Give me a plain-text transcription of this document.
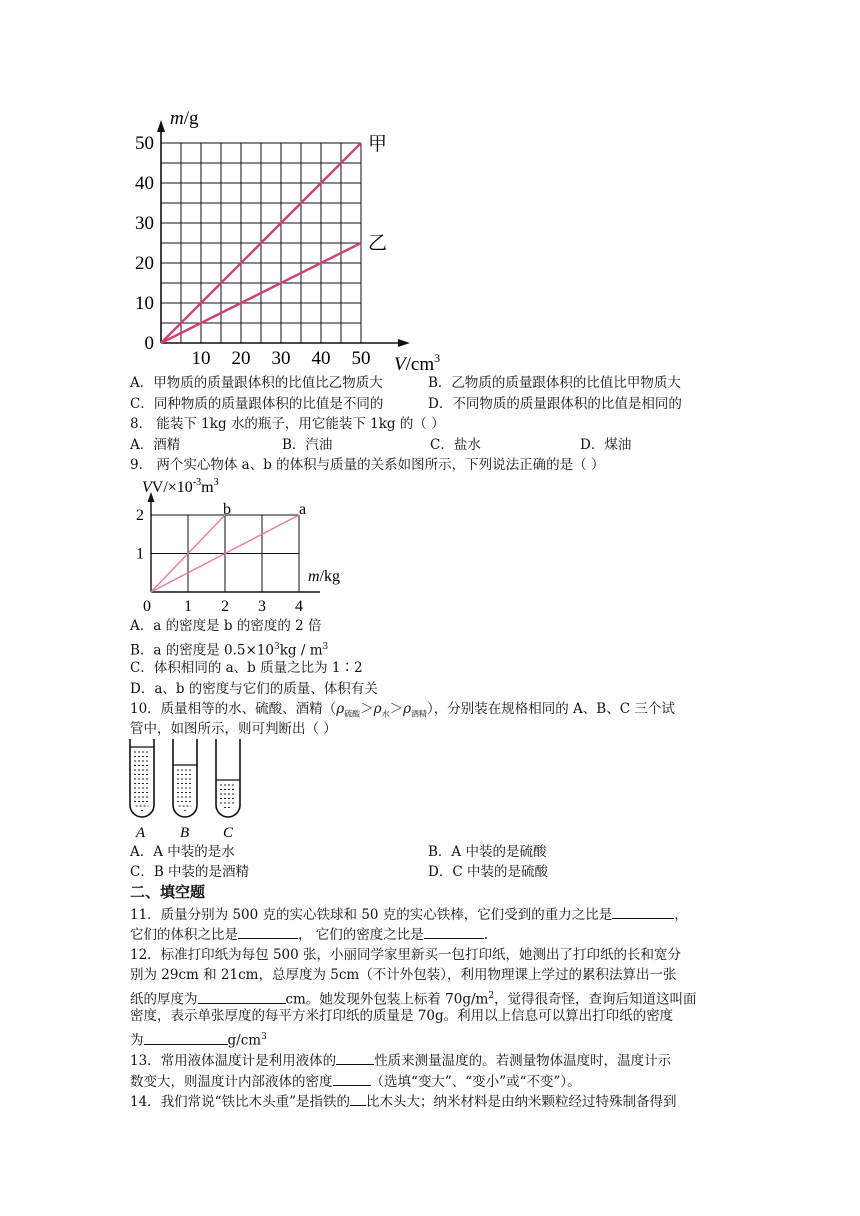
m/g
$V/cm^3$
50
40
30
20
10
0
10 20 30 40 50
甲
乙
A．甲物质的质量跟体积的比值比乙物质大	B．乙物质的质量跟体积的比值比甲物质大
C．同种物质的质量跟体积的比值是不同的	D．不同物质的质量跟体积的比值是相同的
8． 能装下 1kg 水的瓶子，用它能装下 1kg 的（ ）
A．酒精	B．汽油	C．盐水	D．煤油
9． 两个实心物体 a、b 的体积与质量的关系如图所示，下列说法正确的是（ ）
$VV/\times 10^{-3}m^3$
2
1
0 1 2 3 4
b	a
m/kg
A．a 的密度是 b 的密度的 2 倍
B．a 的密度是 $0.5\times 10^3kg / m^3$
C．体积相同的 a、b 质量之比为 1∶2
D．a、b 的密度与它们的质量、体积有关
10．质量相等的水、硫酸、酒精$(\rho_{硫酸}>\rho_水>\rho_{酒精})$，分别装在规格相同的 A、B、C 三个试
管中，如图所示，则可判断出（ ）
A B C
A．A 中装的是水	B．A 中装的是硫酸
C．B 中装的是酒精	D．C 中装的是硫酸
二、填空题
11．质量分别为 500 克的实心铁球和 50 克的实心铁棒，它们受到的重力之比是	，
它们的体积之比是	， 它们的密度之比是	.
12．标准打印纸为每包 500 张，小丽同学家里新买一包打印纸，她测出了打印纸的长和宽分
别为 29cm 和 21cm，总厚度为 5cm（不计外包装），利用物理课上学过的累积法算出一张
纸的厚度为	cm。她发现外包装上标着 $70g/m^2$，觉得很奇怪，查询后知道这叫面
密度，表示单张厚度的每平方米打印纸的质量是 70g。利用以上信息可以算出打印纸的密度
为	$g/cm^3$
13．常用液体温度计是利用液体的	性质来测量温度的。若测量物体温度时，温度计示
数变大，则温度计内部液体的密度	（选填“变大”、“变小”或“不变”）。
14．我们常说“铁比木头重”是指铁的 比木头大；纳米材料是由纳米颗粒经过特殊制备得到
